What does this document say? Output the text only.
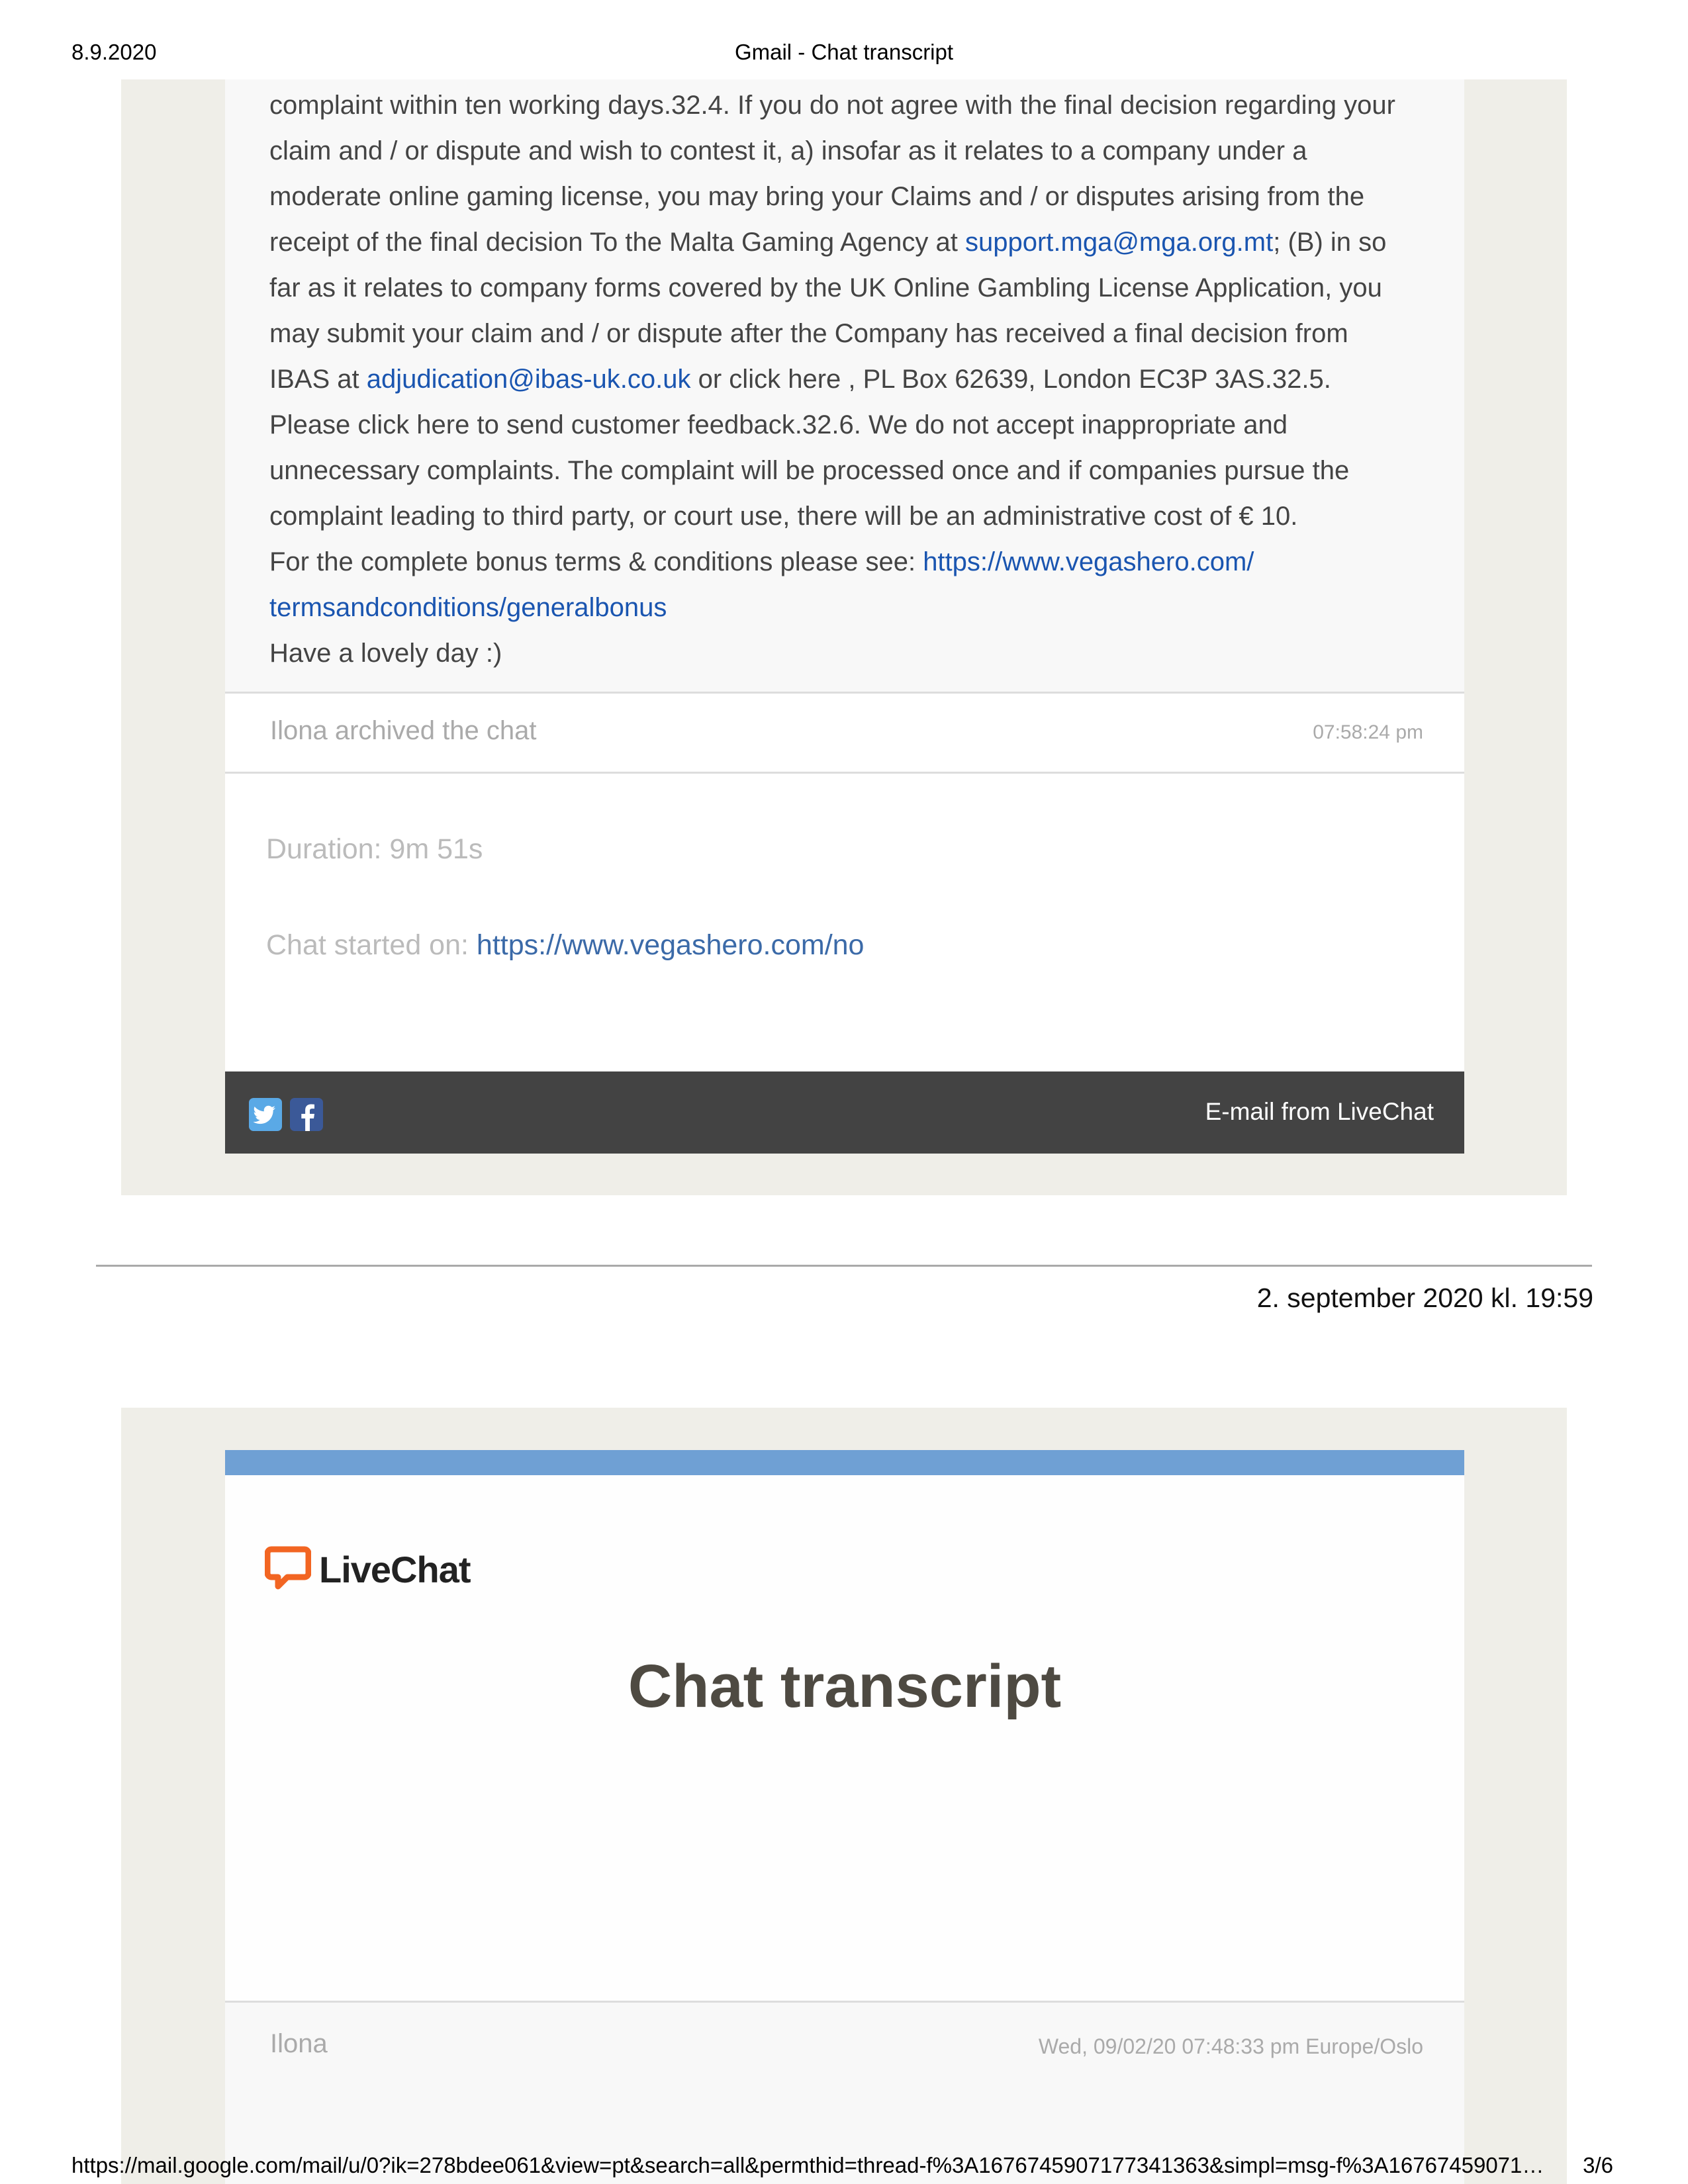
8.9.2020	Gmail - Chat transcript
complaint within ten working days.32.4. If you do not agree with the final decision regarding your
claim and / or dispute and wish to contest it, a) insofar as it relates to a company under a
moderate online gaming license, you may bring your Claims and / or disputes arising from the
receipt of the final decision To the Malta Gaming Agency at support.mga@mga.org.mt; (B) in so
far as it relates to company forms covered by the UK Online Gambling License Application, you
may submit your claim and / or dispute after the Company has received a final decision from
IBAS at adjudication@ibas-uk.co.uk or click here , PL Box 62639, London EC3P 3AS.32.5.
Please click here to send customer feedback.32.6. We do not accept inappropriate and
unnecessary complaints. The complaint will be processed once and if companies pursue the
complaint leading to third party, or court use, there will be an administrative cost of € 10.
For the complete bonus terms & conditions please see: https://www.vegashero.com/
termsandconditions/generalbonus
Have a lovely day :)
Ilona archived the chat	07:58:24 pm
Duration: 9m 51s
Chat started on: https://www.vegashero.com/no
E-mail from LiveChat
2. september 2020 kl. 19:59
LiveChat
Chat transcript
Ilona	Wed, 09/02/20 07:48:33 pm Europe/Oslo
https://mail.google.com/mail/u/0?ik=278bdee061&view=pt&search=all&permthid=thread-f%3A1676745907177341363&simpl=msg-f%3A16767459071… 3/6
